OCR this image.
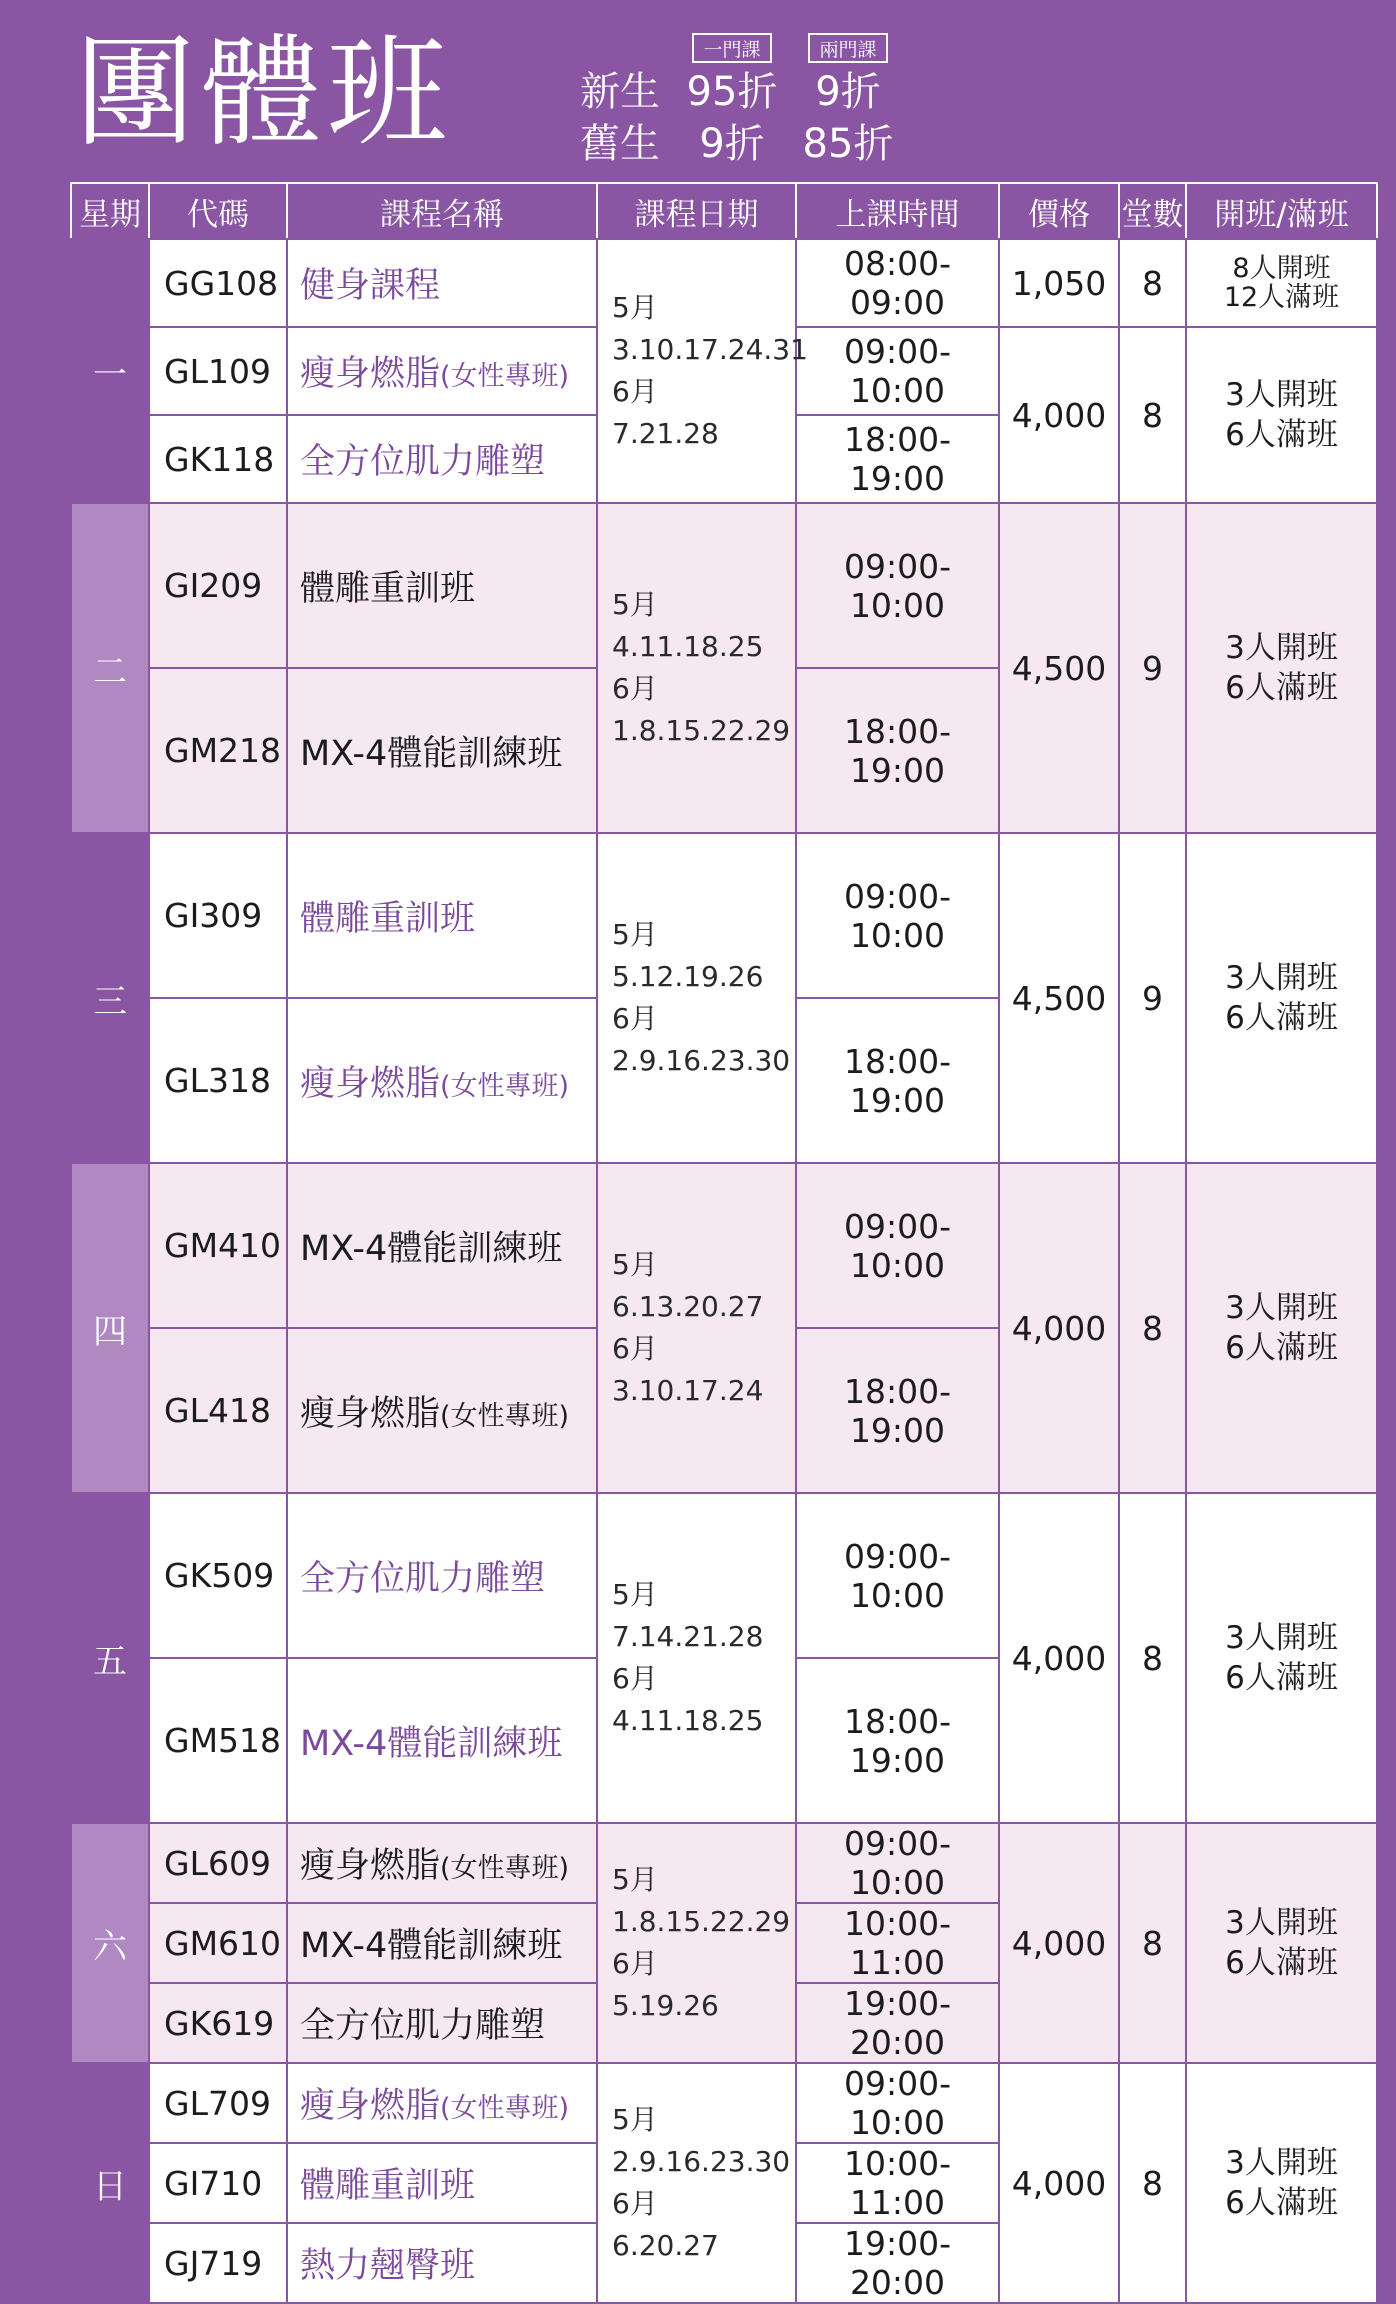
團體班	一門課	兩門課
新生 95折 9折
舊生 9折 85折
星期	代碼	課程名稱	課程日期	上課時間	價格	堂數	開班/滿班
一	GG108	健身課程	5月
3.10.17.24.31
6月
7.21.28	08:00-09:00	1,050	8	8人開班
12人滿班
	GL109	瘦身燃脂(女性專班)		09:00-10:00	4,000	8	3人開班
6人滿班
	GK118	全方位肌力雕塑		18:00-19:00			
二	GI209	體雕重訓班	5月
4.11.18.25
6月
1.8.15.22.29	09:00-10:00	4,500	9	3人開班
6人滿班
	GM218	MX-4體能訓練班		18:00-19:00			
三	GI309	體雕重訓班	5月
5.12.19.26
6月
2.9.16.23.30	09:00-10:00	4,500	9	3人開班
6人滿班
	GL318	瘦身燃脂(女性專班)		18:00-19:00			
四	GM410	MX-4體能訓練班	5月
6.13.20.27
6月
3.10.17.24	09:00-10:00	4,000	8	3人開班
6人滿班
	GL418	瘦身燃脂(女性專班)		18:00-19:00			
五	GK509	全方位肌力雕塑	5月
7.14.21.28
6月
4.11.18.25	09:00-10:00	4,000	8	3人開班
6人滿班
	GM518	MX-4體能訓練班		18:00-19:00			
六	GL609	瘦身燃脂(女性專班)	5月
1.8.15.22.29
6月
5.19.26	09:00-10:00	4,000	8	3人開班
6人滿班
	GM610	MX-4體能訓練班		10:00-11:00			
	GK619	全方位肌力雕塑		19:00-20:00			
日	GL709	瘦身燃脂(女性專班)	5月
2.9.16.23.30
6月
6.20.27	09:00-10:00	4,000	8	3人開班
6人滿班
	GI710	體雕重訓班		10:00-11:00			
	GJ719	熱力翹臀班		19:00-20:00			
